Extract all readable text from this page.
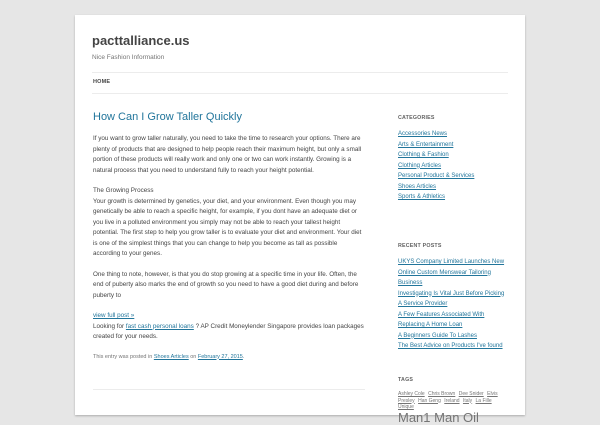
pacttalliance.us
Nice Fashion Information
HOME
How Can I Grow Taller Quickly

If you want to grow taller naturally, you need to take the time to research your options. There are plenty of products that are designed to help people reach their maximum height, but only a small portion of these products will really work and only one or two can work instantly. Growing is a natural process that you need to understand fully to reach your height potential.

The Growing Process
Your growth is determined by genetics, your diet, and your environment. Even though you may genetically be able to reach a specific height, for example, if you dont have an adequate diet or you live in a polluted environment you simply may not be able to reach your tallest height potential. The first step to help you grow taller is to evaluate your diet and environment. Your diet is one of the simplest things that you can change to help you become as tall as possible according to your genes.

One thing to note, however, is that you do stop growing at a specific time in your life. Often, the end of puberty also marks the end of growth so you need to have a good diet during and before puberty to

view full post »
Looking for fast cash personal loans ? AP Credit Moneylender Singapore provides loan packages created for your needs.

This entry was posted in Shoes Articles on February 27, 2015.
CATEGORIES
Accessories News
Arts & Entertainment
Clothing & Fashion
Clothing Articles
Personal Product & Services
Shoes Articles
Sports & Athletics
RECENT POSTS
UKYS Company Limited Launches New Online Custom Menswear Tailoring Business
Investigating Is Vital Just Before Picking A Service Provider
A Few Features Associated With Replacing A Home Loan
A Beginners Guide To Lashes
The Best Advice on Products I've found
TAGS
Ashley Cole Chris Brown Dee Snider Elvis Presley Han Geng Ireland Italy La Fille Unique
Man1 Man Oil
